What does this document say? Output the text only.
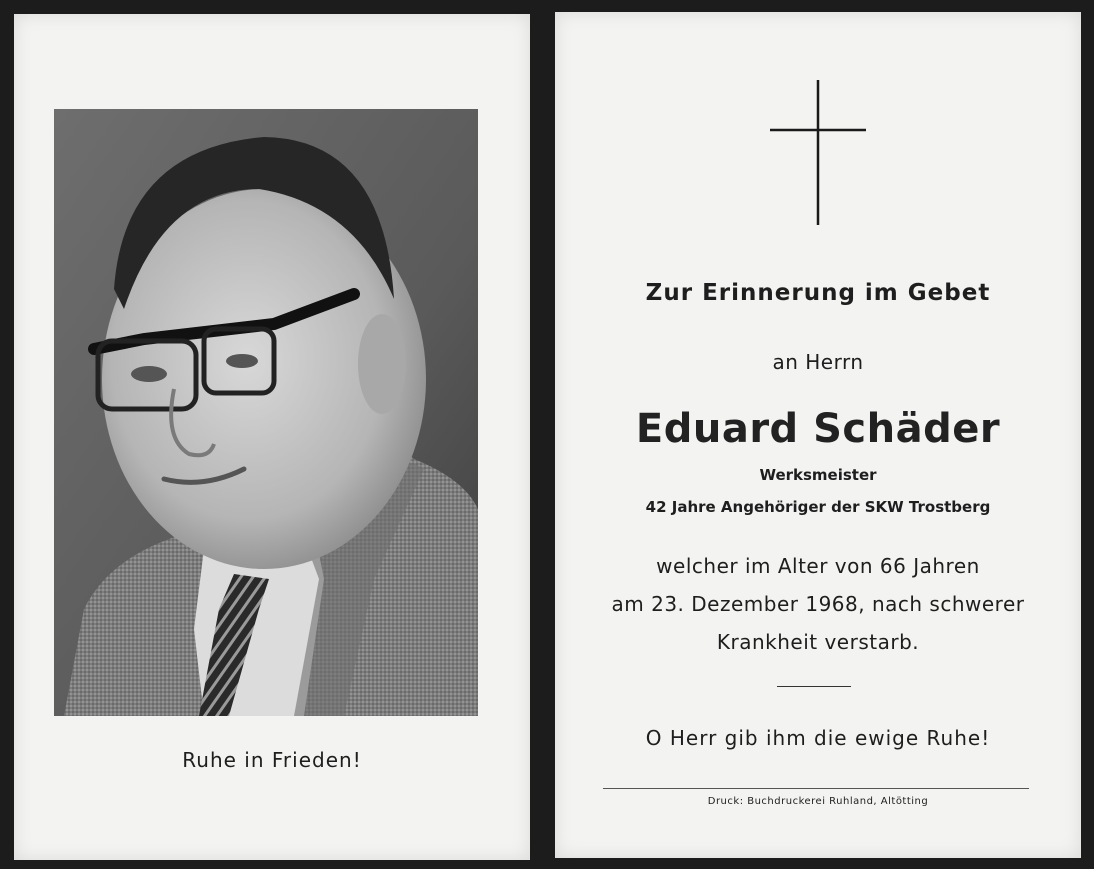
Ruhe in Frieden!
Zur Erinnerung im Gebet
an Herrn
Eduard Schäder
Werksmeister
42 Jahre Angehöriger der SKW Trostberg
welcher im Alter von 66 Jahren
am 23. Dezember 1968, nach schwerer
Krankheit verstarb.
O Herr gib ihm die ewige Ruhe!
Druck: Buchdruckerei Ruhland, Altötting
